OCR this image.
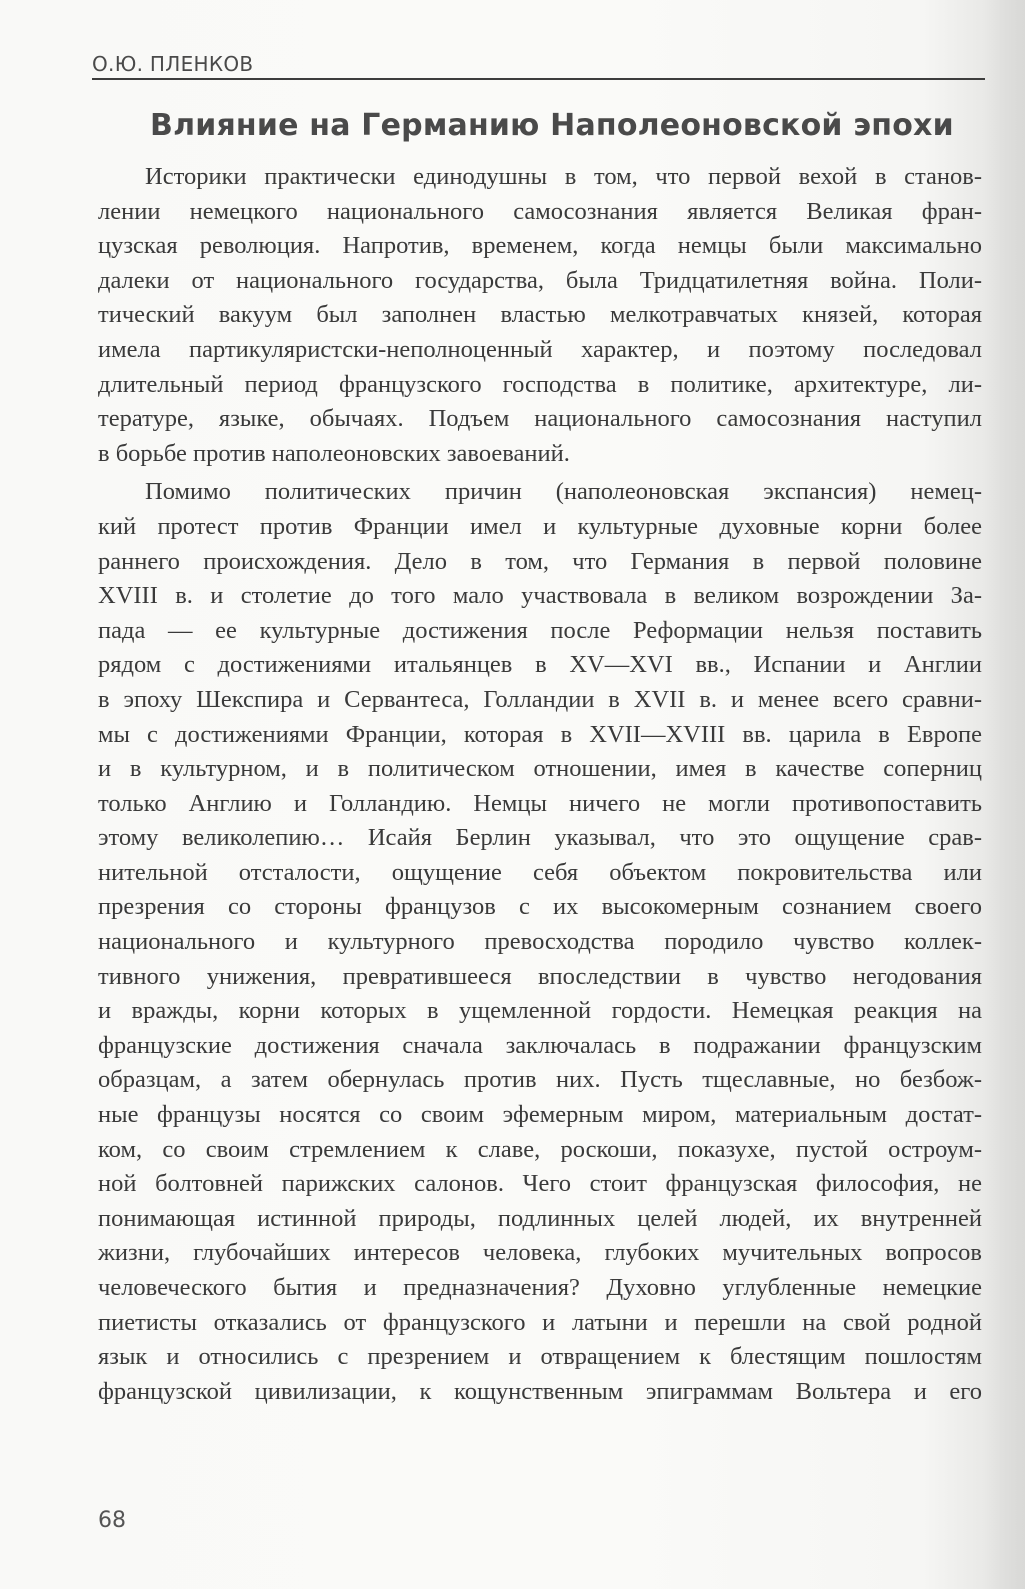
О.Ю. ПЛЕНКОВ
Влияние на Германию Наполеоновской эпохи
Историки практически единодушны в том, что первой вехой в станов-
лении немецкого национального самосознания является Великая фран-
цузская революция. Напротив, временем, когда немцы были максимально
далеки от национального государства, была Тридцатилетняя война. Поли-
тический вакуум был заполнен властью мелкотравчатых князей, которая
имела партикуляристски-неполноценный характер, и поэтому последовал
длительный период французского господства в политике, архитектуре, ли-
тературе, языке, обычаях. Подъем национального самосознания наступил
в борьбе против наполеоновских завоеваний.
Помимо политических причин (наполеоновская экспансия) немец-
кий протест против Франции имел и культурные духовные корни более
раннего происхождения. Дело в том, что Германия в первой половине
XVIII в. и столетие до того мало участвовала в великом возрождении За-
пада — ее культурные достижения после Реформации нельзя поставить
рядом с достижениями итальянцев в XV—XVI вв., Испании и Англии
в эпоху Шекспира и Сервантеса, Голландии в XVII в. и менее всего сравни-
мы с достижениями Франции, которая в XVII—XVIII вв. царила в Европе
и в культурном, и в политическом отношении, имея в качестве соперниц
только Англию и Голландию. Немцы ничего не могли противопоставить
этому великолепию… Исайя Берлин указывал, что это ощущение срав-
нительной отсталости, ощущение себя объектом покровительства или
презрения со стороны французов с их высокомерным сознанием своего
национального и культурного превосходства породило чувство коллек-
тивного унижения, превратившееся впоследствии в чувство негодования
и вражды, корни которых в ущемленной гордости. Немецкая реакция на
французские достижения сначала заключалась в подражании французским
образцам, а затем обернулась против них. Пусть тщеславные, но безбож-
ные французы носятся со своим эфемерным миром, материальным достат-
ком, со своим стремлением к славе, роскоши, показухе, пустой остроум-
ной болтовней парижских салонов. Чего стоит французская философия, не
понимающая истинной природы, подлинных целей людей, их внутренней
жизни, глубочайших интересов человека, глубоких мучительных вопросов
человеческого бытия и предназначения? Духовно углубленные немецкие
пиетисты отказались от французского и латыни и перешли на свой родной
язык и относились с презрением и отвращением к блестящим пошлостям
французской цивилизации, к кощунственным эпиграммам Вольтера и его
68
